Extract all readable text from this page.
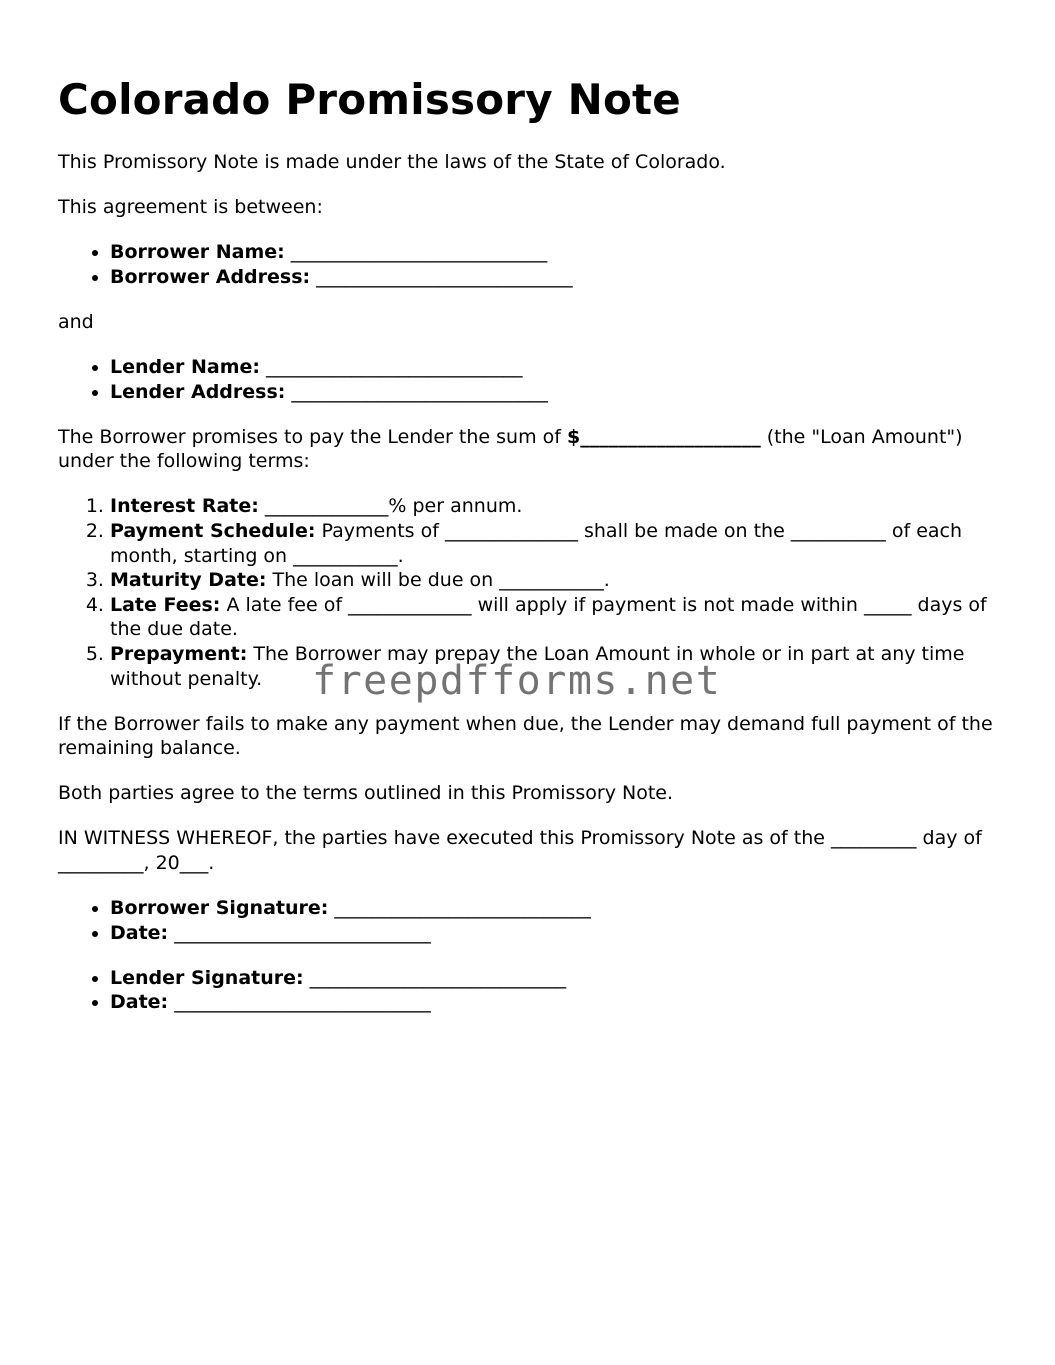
Colorado Promissory Note

This Promissory Note is made under the laws of the State of Colorado.

This agreement is between:

• Borrower Name: ___________________________
• Borrower Address: ___________________________

and

• Lender Name: ___________________________
• Lender Address: ___________________________

The Borrower promises to pay the Lender the sum of $___________________ (the "Loan Amount") under the following terms:

1. Interest Rate: _____________% per annum.
2. Payment Schedule: Payments of ______________ shall be made on the __________ of each month, starting on ___________.
3. Maturity Date: The loan will be due on ___________.
4. Late Fees: A late fee of _____________ will apply if payment is not made within _____ days of the due date.
5. Prepayment: The Borrower may prepay the Loan Amount in whole or in part at any time without penalty.

If the Borrower fails to make any payment when due, the Lender may demand full payment of the remaining balance.

Both parties agree to the terms outlined in this Promissory Note.

IN WITNESS WHEREOF, the parties have executed this Promissory Note as of the _________ day of _________, 20___.

• Borrower Signature: ___________________________
• Date: ___________________________
• Lender Signature: ___________________________
• Date: ___________________________
freepdfforms.net
